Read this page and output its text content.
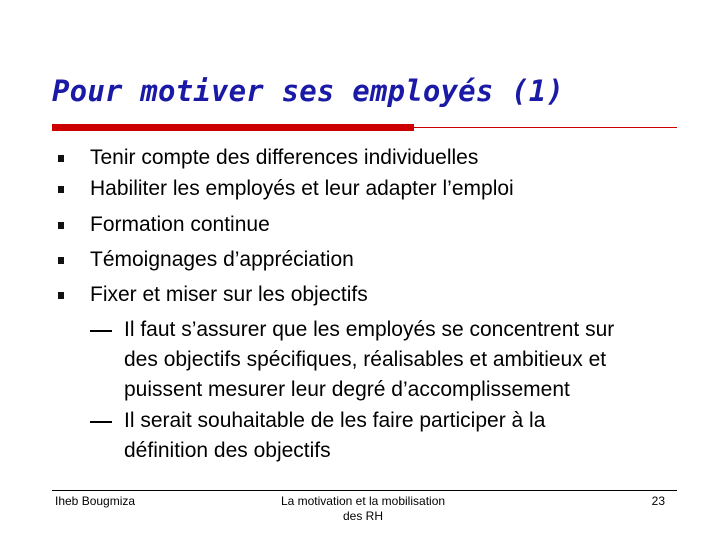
Pour motiver ses employés (1)
Tenir compte des differences individuelles
Habiliter les employés et leur adapter l’emploi
Formation continue
Témoignages d’appréciation
Fixer et miser sur les objectifs
Il faut s’assurer que les employés se concentrent sur
des objectifs spécifiques, réalisables et ambitieux et
puissent mesurer leur degré d’accomplissement
Il serait souhaitable de les faire participer à la
définition des objectifs
Iheb Bougmiza	La motivation et la mobilisation
des RH
23
